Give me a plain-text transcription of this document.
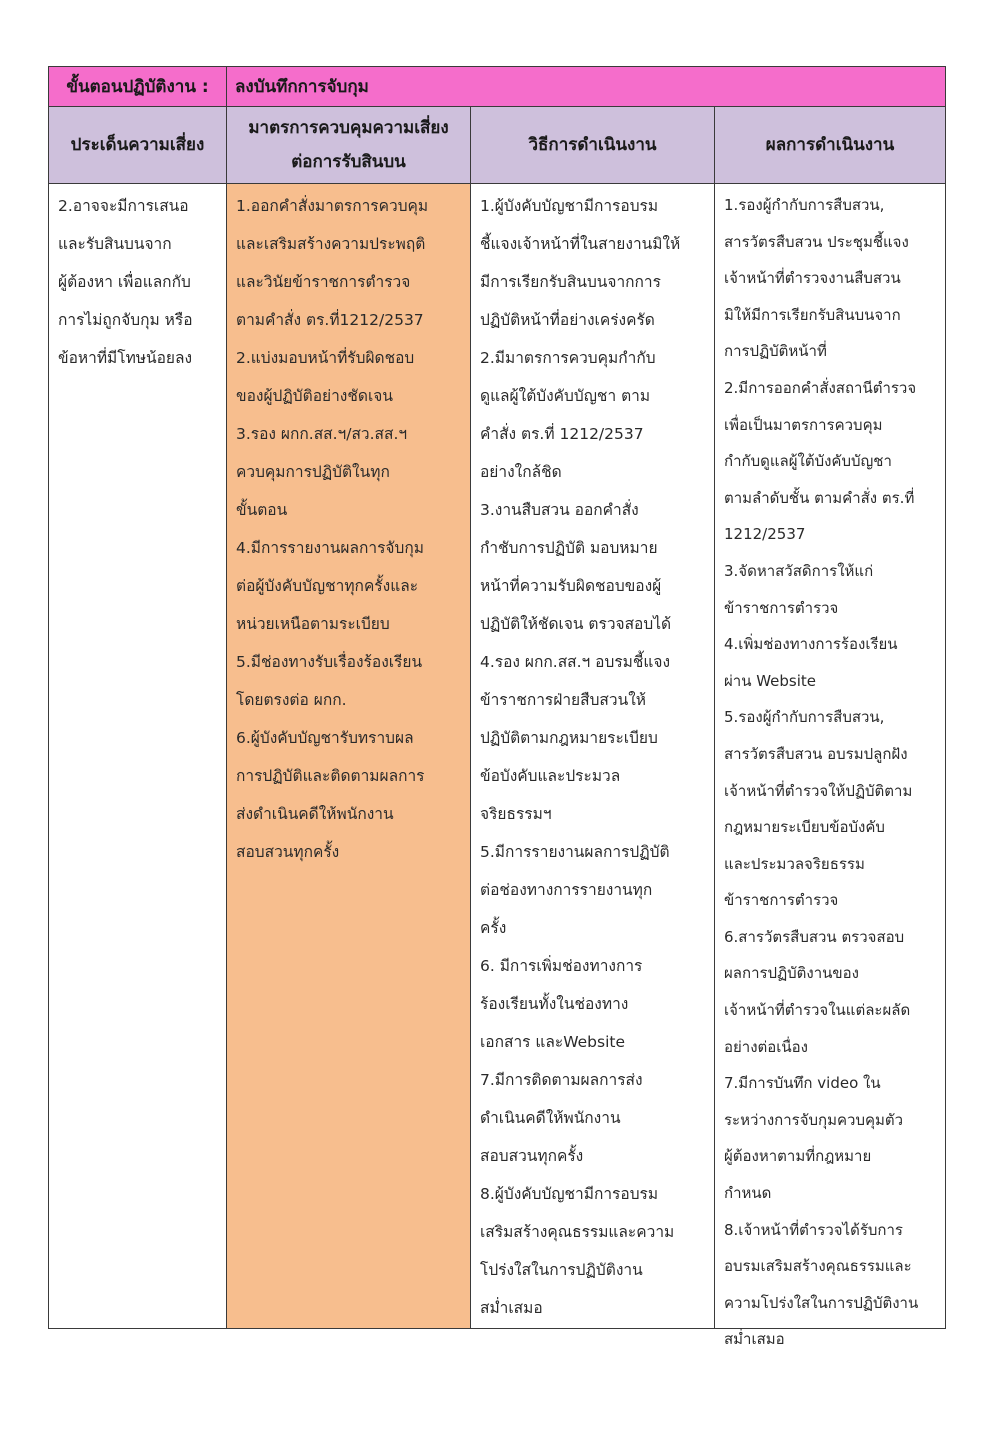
ขั้นตอนปฏิบัติงาน :	ลงบันทึกการจับกุม
ประเด็นความเสี่ยง
มาตรการควบคุมความเสี่ยง
ต่อการรับสินบน
วิธีการดำเนินงาน	ผลการดำเนินงาน
2.อาจจะมีการเสนอ
และรับสินบนจาก
ผู้ต้องหา เพื่อแลกกับ
การไม่ถูกจับกุม หรือ
ข้อหาที่มีโทษน้อยลง
1.ออกคำสั่งมาตรการควบคุม
และเสริมสร้างความประพฤติ
และวินัยข้าราชการตำรวจ
ตามคำสั่ง ตร.ที่1212/2537
2.แบ่งมอบหน้าที่รับผิดชอบ
ของผู้ปฏิบัติอย่างชัดเจน
3.รอง ผกก.สส.ฯ/สว.สส.ฯ
ควบคุมการปฏิบัติในทุก
ขั้นตอน
4.มีการรายงานผลการจับกุม
ต่อผู้บังคับบัญชาทุกครั้งและ
หน่วยเหนือตามระเบียบ
5.มีช่องทางรับเรื่องร้องเรียน
โดยตรงต่อ ผกก.
6.ผู้บังคับบัญชารับทราบผล
การปฏิบัติและติดตามผลการ
ส่งดำเนินคดีให้พนักงาน
สอบสวนทุกครั้ง
1.ผู้บังคับบัญชามีการอบรม
ชี้แจงเจ้าหน้าที่ในสายงานมิให้
มีการเรียกรับสินบนจากการ
ปฏิบัติหน้าที่อย่างเคร่งครัด
2.มีมาตรการควบคุมกำกับ
ดูแลผู้ใต้บังคับบัญชา ตาม
คำสั่ง ตร.ที่ 1212/2537
อย่างใกล้ชิด
3.งานสืบสวน ออกคำสั่ง
กำชับการปฏิบัติ มอบหมาย
หน้าที่ความรับผิดชอบของผู้
ปฏิบัติให้ชัดเจน ตรวจสอบได้
4.รอง ผกก.สส.ฯ อบรมชี้แจง
ข้าราชการฝ่ายสืบสวนให้
ปฏิบัติตามกฎหมายระเบียบ
ข้อบังคับและประมวล
จริยธรรมฯ
5.มีการรายงานผลการปฏิบัติ
ต่อช่องทางการรายงานทุก
ครั้ง
6. มีการเพิ่มช่องทางการ
ร้องเรียนทั้งในช่องทาง
เอกสาร และWebsite
7.มีการติดตามผลการส่ง
ดำเนินคดีให้พนักงาน
สอบสวนทุกครั้ง
8.ผู้บังคับบัญชามีการอบรม
เสริมสร้างคุณธรรมและความ
โปร่งใสในการปฏิบัติงาน
สม่ำเสมอ
1.รองผู้กำกับการสืบสวน,
สารวัตรสืบสวน ประชุมชี้แจง
เจ้าหน้าที่ตำรวจงานสืบสวน
มิให้มีการเรียกรับสินบนจาก
การปฏิบัติหน้าที่
2.มีการออกคำสั่งสถานีตำรวจ
เพื่อเป็นมาตรการควบคุม
กำกับดูแลผู้ใต้บังคับบัญชา
ตามลำดับชั้น ตามคำสั่ง ตร.ที่
1212/2537
3.จัดหาสวัสดิการให้แก่
ข้าราชการตำรวจ
4.เพิ่มช่องทางการร้องเรียน
ผ่าน Website
5.รองผู้กำกับการสืบสวน,
สารวัตรสืบสวน อบรมปลูกฝัง
เจ้าหน้าที่ตำรวจให้ปฏิบัติตาม
กฎหมายระเบียบข้อบังคับ
และประมวลจริยธรรม
ข้าราชการตำรวจ
6.สารวัตรสืบสวน ตรวจสอบ
ผลการปฏิบัติงานของ
เจ้าหน้าที่ตำรวจในแต่ละผลัด
อย่างต่อเนื่อง
7.มีการบันทึก video ใน
ระหว่างการจับกุมควบคุมตัว
ผู้ต้องหาตามที่กฎหมาย
กำหนด
8.เจ้าหน้าที่ตำรวจได้รับการ
อบรมเสริมสร้างคุณธรรมและ
ความโปร่งใสในการปฏิบัติงาน
สม่ำเสมอ
